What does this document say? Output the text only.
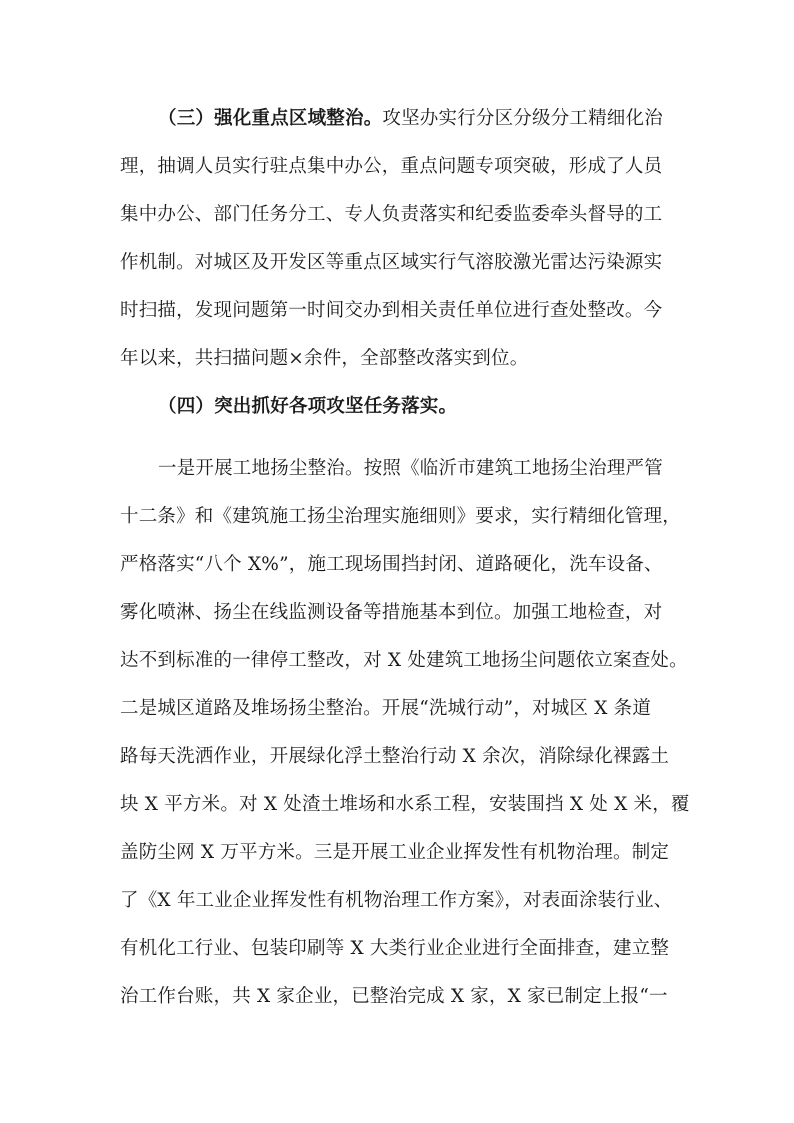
（三）强化重点区域整治。攻坚办实行分区分级分工精细化治
理，抽调人员实行驻点集中办公，重点问题专项突破，形成了人员
集中办公、部门任务分工、专人负责落实和纪委监委牵头督导的工
作机制。对城区及开发区等重点区域实行气溶胶激光雷达污染源实
时扫描，发现问题第一时间交办到相关责任单位进行查处整改。今
年以来，共扫描问题×余件，全部整改落实到位。
（四）突出抓好各项攻坚任务落实。
一是开展工地扬尘整治。按照《临沂市建筑工地扬尘治理严管
十二条》和《建筑施工扬尘治理实施细则》要求，实行精细化管理，
严格落实“八个 X%”，施工现场围挡封闭、道路硬化，洗车设备、
雾化喷淋、扬尘在线监测设备等措施基本到位。加强工地检查，对
达不到标准的一律停工整改，对 X 处建筑工地扬尘问题依立案查处。
二是城区道路及堆场扬尘整治。开展“洗城行动”，对城区 X 条道
路每天洗洒作业，开展绿化浮土整治行动 X 余次，消除绿化裸露土
块 X 平方米。对 X 处渣土堆场和水系工程，安装围挡 X 处 X 米，覆
盖防尘网 X 万平方米。三是开展工业企业挥发性有机物治理。制定
了《X 年工业企业挥发性有机物治理工作方案》，对表面涂装行业、
有机化工行业、包装印刷等 X 大类行业企业进行全面排查，建立整
治工作台账，共 X 家企业，已整治完成 X 家，X 家已制定上报“一
